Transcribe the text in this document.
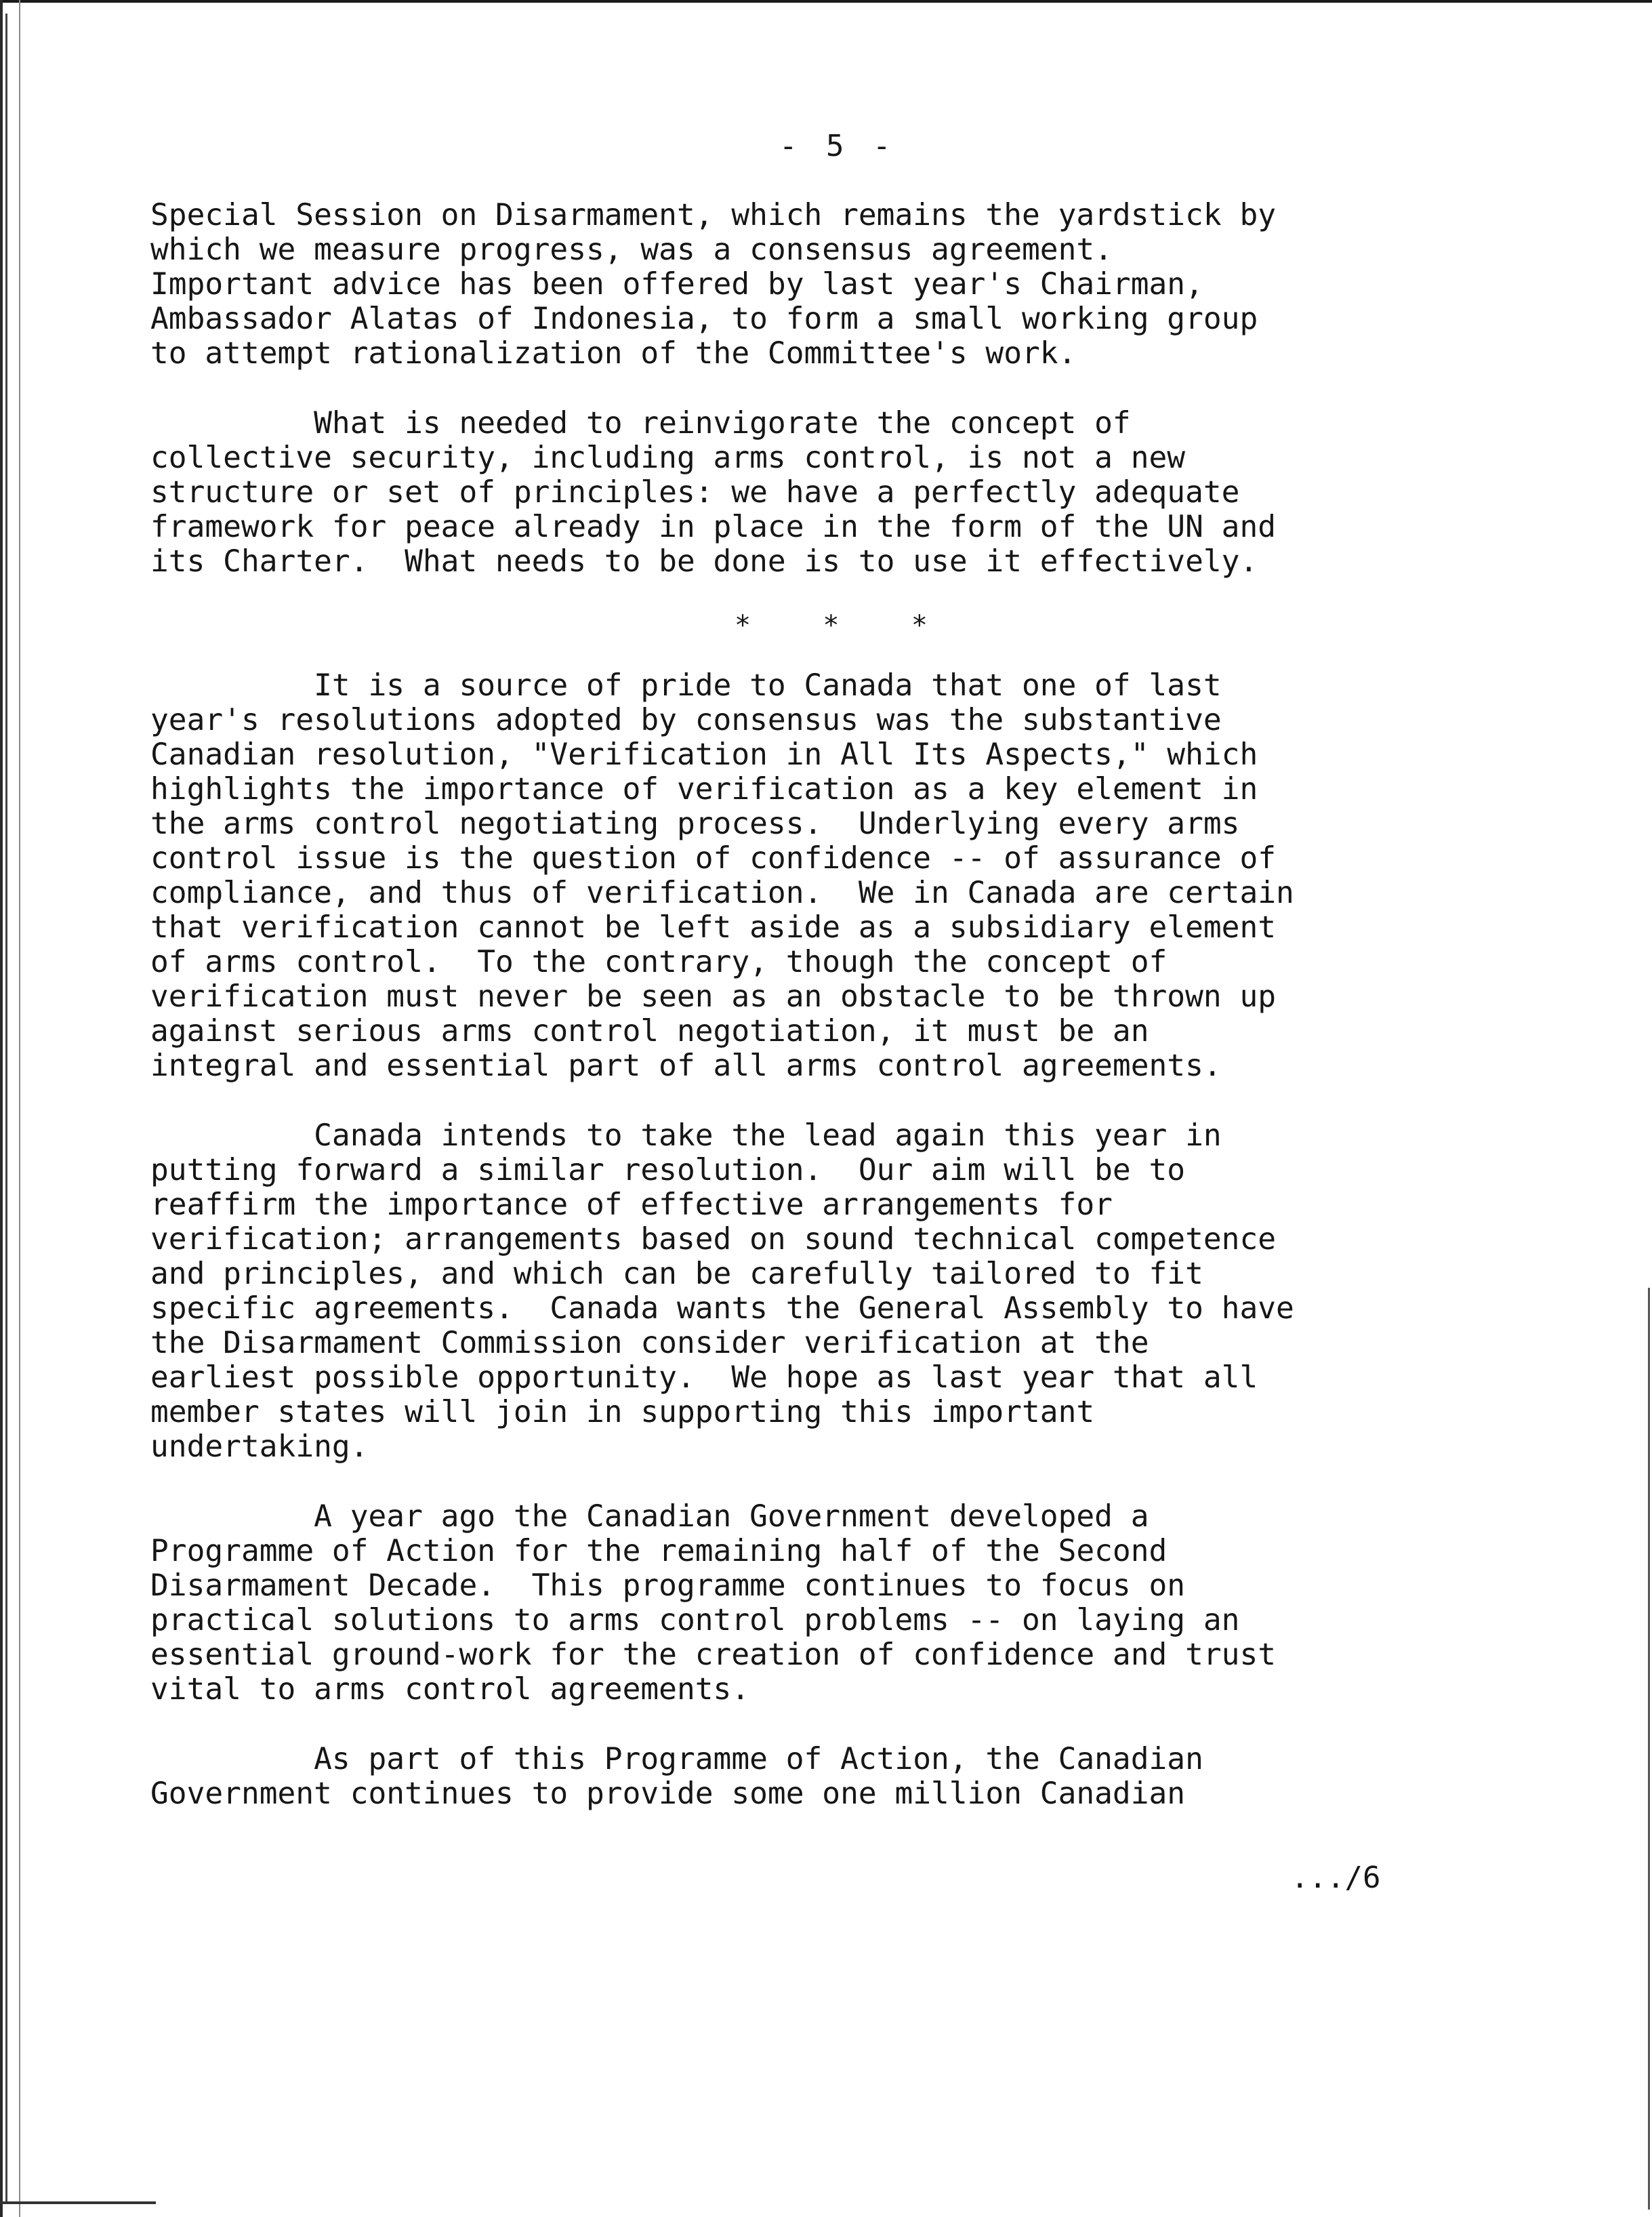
- 5 -

Special Session on Disarmament, which remains the yardstick by
which we measure progress, was a consensus agreement.
Important advice has been offered by last year's Chairman,
Ambassador Alatas of Indonesia, to form a small working group
to attempt rationalization of the Committee's work.

What is needed to reinvigorate the concept of
collective security, including arms control, is not a new
structure or set of principles: we have a perfectly adequate
framework for peace already in place in the form of the UN and
its Charter.  What needs to be done is to use it effectively.

*    *    *

It is a source of pride to Canada that one of last
year's resolutions adopted by consensus was the substantive
Canadian resolution, "Verification in All Its Aspects," which
highlights the importance of verification as a key element in
the arms control negotiating process.  Underlying every arms
control issue is the question of confidence -- of assurance of
compliance, and thus of verification.  We in Canada are certain
that verification cannot be left aside as a subsidiary element
of arms control.  To the contrary, though the concept of
verification must never be seen as an obstacle to be thrown up
against serious arms control negotiation, it must be an
integral and essential part of all arms control agreements.

Canada intends to take the lead again this year in
putting forward a similar resolution.  Our aim will be to
reaffirm the importance of effective arrangements for
verification; arrangements based on sound technical competence
and principles, and which can be carefully tailored to fit
specific agreements.  Canada wants the General Assembly to have
the Disarmament Commission consider verification at the
earliest possible opportunity.  We hope as last year that all
member states will join in supporting this important
undertaking.

A year ago the Canadian Government developed a
Programme of Action for the remaining half of the Second
Disarmament Decade.  This programme continues to focus on
practical solutions to arms control problems -- on laying an
essential ground-work for the creation of confidence and trust
vital to arms control agreements.

As part of this Programme of Action, the Canadian
Government continues to provide some one million Canadian

.../6
